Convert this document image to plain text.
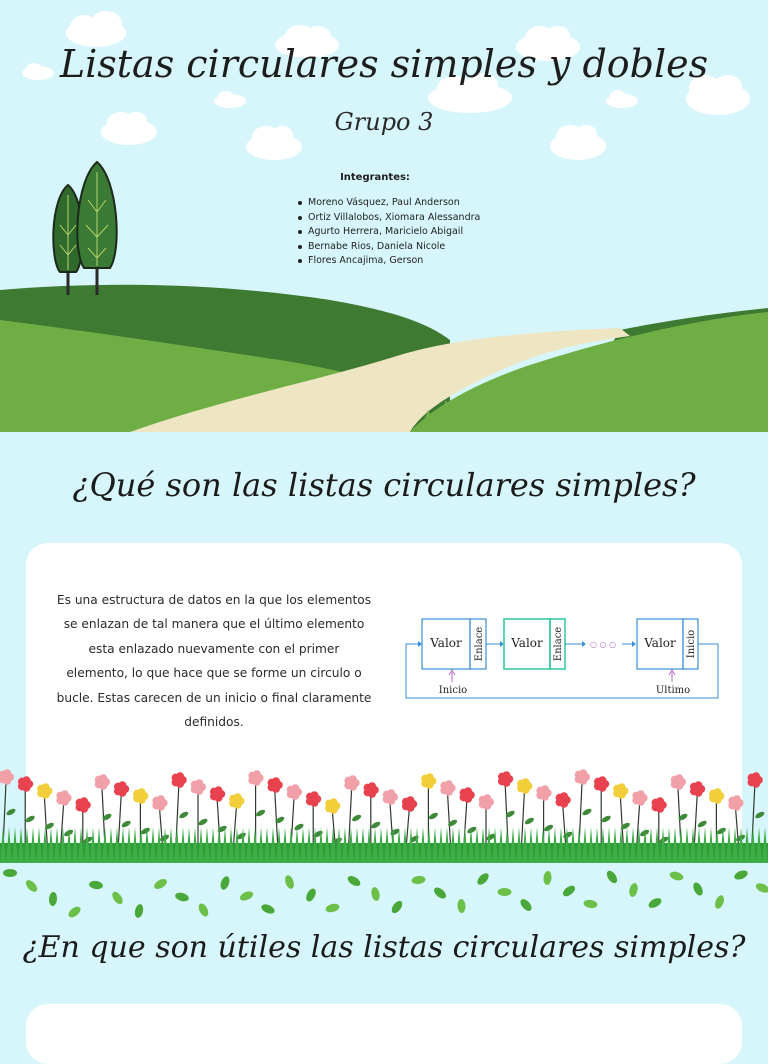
Listas circulares simples y dobles
Grupo 3
Integrantes:
Moreno Vásquez, Paul Anderson
Ortiz Villalobos, Xiomara Alessandra
Agurto Herrera, Maricielo Abigail
Bernabe Rios, Daniela Nicole
Flores Ancajima, Gerson
¿Qué son las listas circulares simples?
Es una estructura de datos en la que los elementos se enlazan de tal manera que el último elemento esta enlazado nuevamente con el primer elemento, lo que hace que se forme un circulo o bucle. Estas carecen de un inicio o final claramente definidos.
Valor Enlace Valor Enlace	○ ○ ○ Valor Inicio
Inicio	Ultimo
¿En que son útiles las listas circulares simples?
